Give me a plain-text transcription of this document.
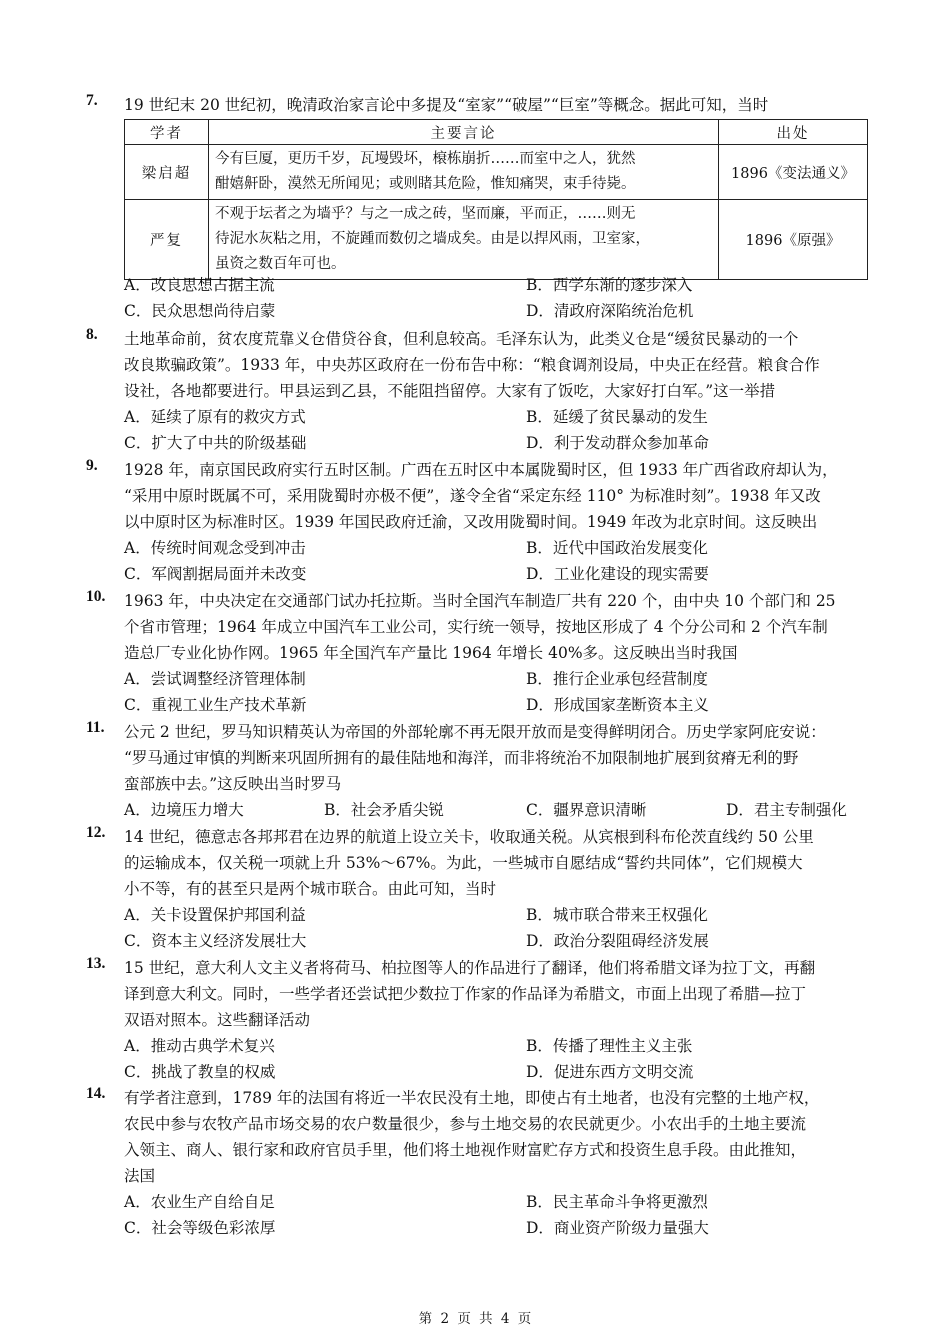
7. 19 世纪末 20 世纪初，晚清政治家言论中多提及“室家”“破屋”“巨室”等概念。据此可知，当时
学者	主要言论	出处
梁启超	今有巨厦，更历千岁，瓦墁毁坏，榱栋崩折……而室中之人，犹然
酣嬉鼾卧，漠然无所闻见；或则睹其危险，惟知痛哭，束手待毙。	1896《变法通义》
严复	不观于坛者之为墙乎？与之一成之砖，坚而廉，平而正，……则无
待泥水灰粘之用，不旋踵而数仞之墙成矣。由是以捍风雨，卫室家，
虽资之数百年可也。	1896《原强》
A．改良思想占据主流	B．西学东渐的逐步深入
C．民众思想尚待启蒙	D．清政府深陷统治危机
8. 土地革命前，贫农度荒靠义仓借贷谷食，但利息较高。毛泽东认为，此类义仓是“缓贫民暴动的一个
改良欺骗政策”。1933 年，中央苏区政府在一份布告中称：“粮食调剂设局，中央正在经营。粮食合作
设社，各地都要进行。甲县运到乙县，不能阻挡留停。大家有了饭吃，大家好打白军。”这一举措
A．延续了原有的救灾方式	B．延缓了贫民暴动的发生
C．扩大了中共的阶级基础	D．利于发动群众参加革命
9. 1928 年，南京国民政府实行五时区制。广西在五时区中本属陇蜀时区，但 1933 年广西省政府却认为，
“采用中原时既属不可，采用陇蜀时亦极不便”，遂令全省“采定东经 110° 为标准时刻”。1938 年又改
以中原时区为标准时区。1939 年国民政府迁渝，又改用陇蜀时间。1949 年改为北京时间。这反映出
A．传统时间观念受到冲击	B．近代中国政治发展变化
C．军阀割据局面并未改变	D．工业化建设的现实需要
10. 1963 年，中央决定在交通部门试办托拉斯。当时全国汽车制造厂共有 220 个，由中央 10 个部门和 25
个省市管理；1964 年成立中国汽车工业公司，实行统一领导，按地区形成了 4 个分公司和 2 个汽车制
造总厂专业化协作网。1965 年全国汽车产量比 1964 年增长 40%多。这反映出当时我国
A．尝试调整经济管理体制	B．推行企业承包经营制度
C．重视工业生产技术革新	D．形成国家垄断资本主义
11. 公元 2 世纪，罗马知识精英认为帝国的外部轮廓不再无限开放而是变得鲜明闭合。历史学家阿庇安说：
“罗马通过审慎的判断来巩固所拥有的最佳陆地和海洋，而非将统治不加限制地扩展到贫瘠无利的野
蛮部族中去。”这反映出当时罗马
A．边境压力增大	B．社会矛盾尖锐	C．疆界意识清晰	D．君主专制强化
12. 14 世纪，德意志各邦邦君在边界的航道上设立关卡，收取通关税。从宾根到科布伦茨直线约 50 公里
的运输成本，仅关税一项就上升 53%～67%。为此，一些城市自愿结成“誓约共同体”，它们规模大
小不等，有的甚至只是两个城市联合。由此可知，当时
A．关卡设置保护邦国利益	B．城市联合带来王权强化
C．资本主义经济发展壮大	D．政治分裂阻碍经济发展
13. 15 世纪，意大利人文主义者将荷马、柏拉图等人的作品进行了翻译，他们将希腊文译为拉丁文，再翻
译到意大利文。同时，一些学者还尝试把少数拉丁作家的作品译为希腊文，市面上出现了希腊—拉丁
双语对照本。这些翻译活动
A．推动古典学术复兴	B．传播了理性主义主张
C．挑战了教皇的权威	D．促进东西方文明交流
14. 有学者注意到，1789 年的法国有将近一半农民没有土地，即使占有土地者，也没有完整的土地产权，
农民中参与农牧产品市场交易的农户数量很少，参与土地交易的农民就更少。小农出手的土地主要流
入领主、商人、银行家和政府官员手里，他们将土地视作财富贮存方式和投资生息手段。由此推知，
法国
A．农业生产自给自足	B．民主革命斗争将更激烈
C．社会等级色彩浓厚	D．商业资产阶级力量强大
第 2 页 共 4 页
